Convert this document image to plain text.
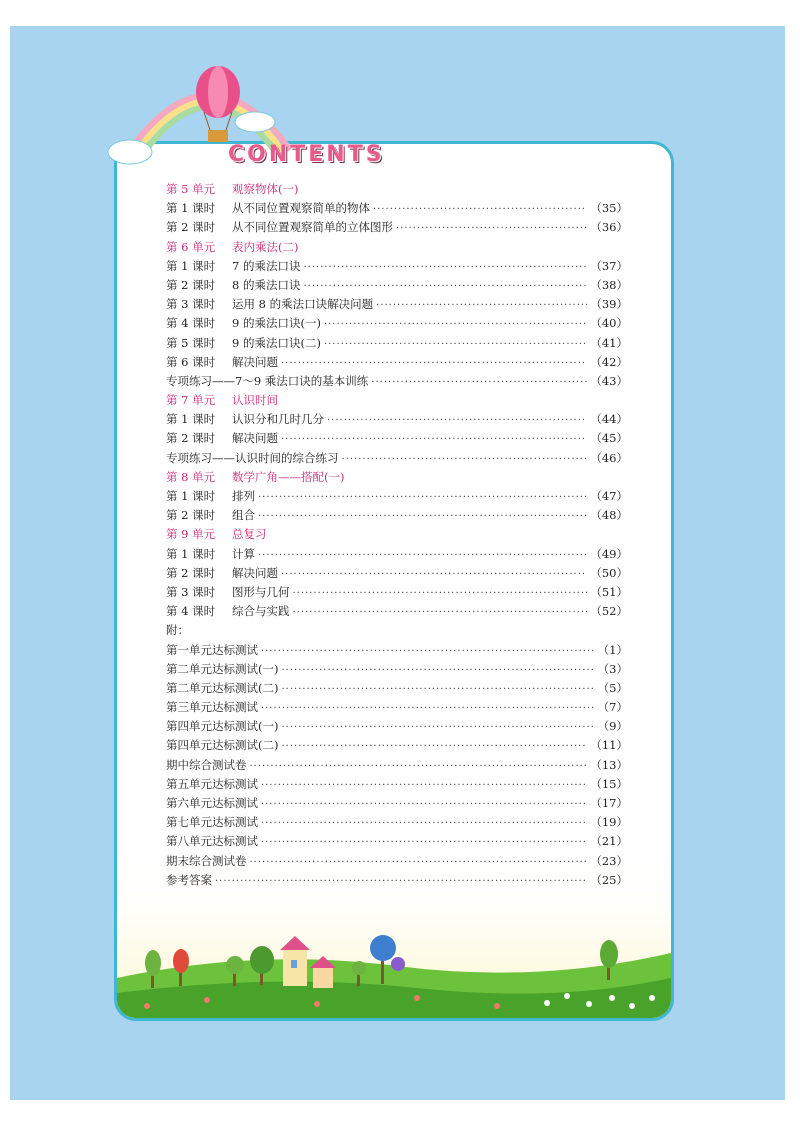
CONTENTS
第 5 单元	观察物体(一)
第 1 课时	从不同位置观察简单的物体 ·····	（35）
第 2 课时	从不同位置观察简单的立体图形 ·····	（36）
第 6 单元	表内乘法(二)
第 1 课时	7 的乘法口诀 ·····	（37）
第 2 课时	8 的乘法口诀 ·····	（38）
第 3 课时	运用 8 的乘法口诀解决问题 ·····	（39）
第 4 课时	9 的乘法口诀(一) ·····	（40）
第 5 课时	9 的乘法口诀(二) ·····	（41）
第 6 课时	解决问题 ·····	（42）
专项练习——7～9 乘法口诀的基本训练 ·····	（43）
第 7 单元	认识时间
第 1 课时	认识分和几时几分 ·····	（44）
第 2 课时	解决问题 ·····	（45）
专项练习——认识时间的综合练习 ·····	（46）
第 8 单元	数学广角——搭配(一)
第 1 课时	排列 ·····	（47）
第 2 课时	组合 ·····	（48）
第 9 单元	总复习
第 1 课时	计算 ·····	（49）
第 2 课时	解决问题 ·····	（50）
第 3 课时	图形与几何 ·····	（51）
第 4 课时	综合与实践 ·····	（52）
附：
第一单元达标测试 ·····	（1）
第二单元达标测试(一) ·····	（3）
第二单元达标测试(二) ·····	（5）
第三单元达标测试 ·····	（7）
第四单元达标测试(一) ·····	（9）
第四单元达标测试(二) ·····	（11）
期中综合测试卷 ·····	（13）
第五单元达标测试 ·····	（15）
第六单元达标测试 ·····	（17）
第七单元达标测试 ·····	（19）
第八单元达标测试 ·····	（21）
期末综合测试卷 ·····	（23）
参考答案 ·····	（25）
